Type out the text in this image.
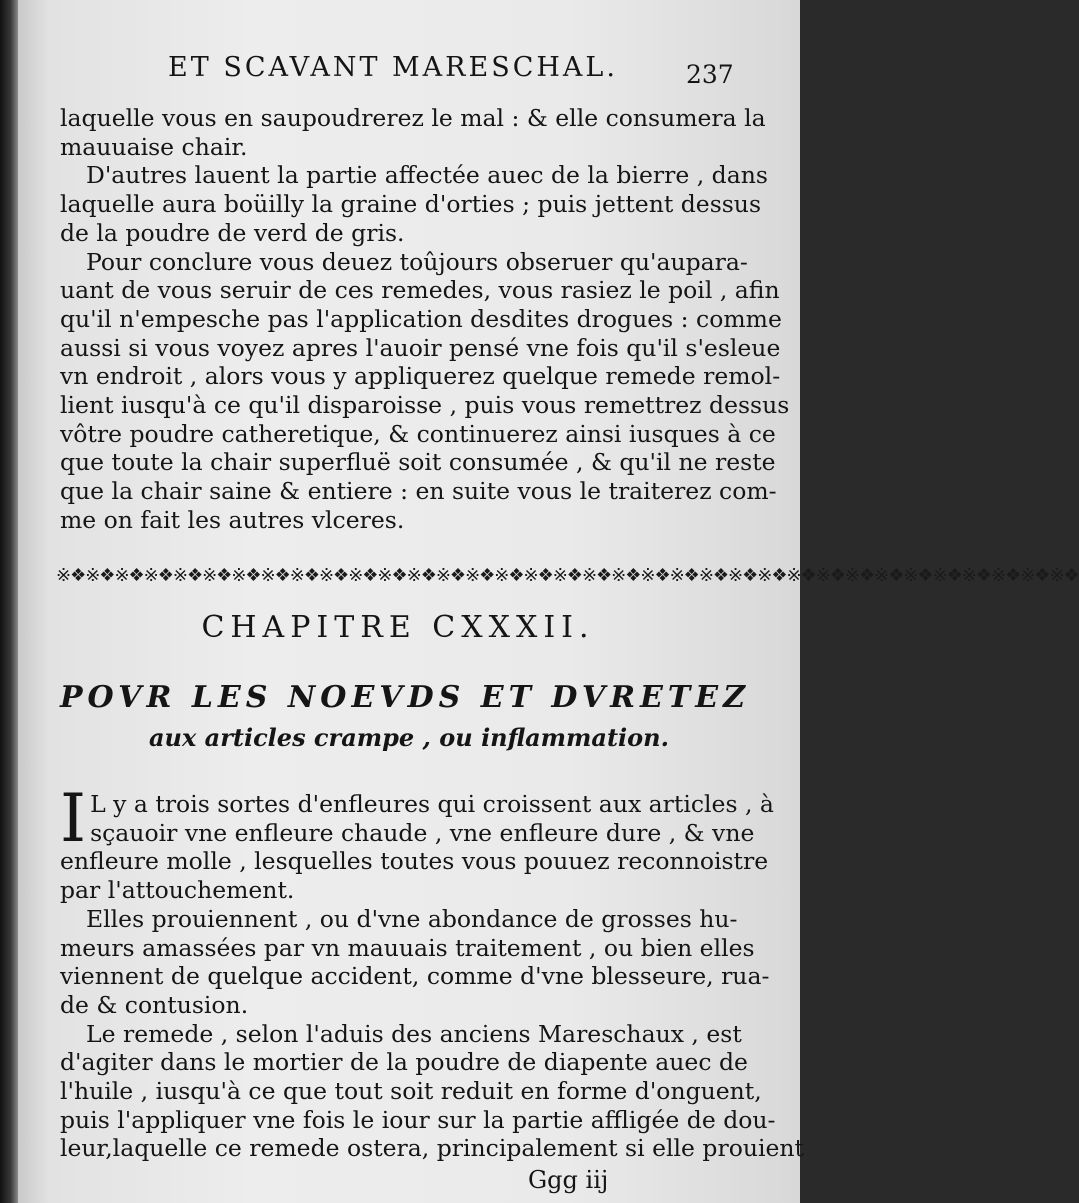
ET SCAVANT MARESCHAL.	237

laquelle vous en saupoudrerez le mal : & elle consumera la
mauuaise chair.

D'autres lauent la partie affectée auec de la bierre , dans
laquelle aura boüilly la graine d'orties ; puis jettent dessus
de la poudre de verd de gris.

Pour conclure vous deuez toûjours obseruer qu'aupara-
uant de vous seruir de ces remedes, vous rasiez le poil , afin
qu'il n'empesche pas l'application desdites drogues : comme
aussi si vous voyez apres l'auoir pensé vne fois qu'il s'esleue
vn endroit , alors vous y appliquerez quelque remede remol-
lient iusqu'à ce qu'il disparoisse , puis vous remettrez dessus
vôtre poudre catheretique, & continuerez ainsi iusques à ce
que toute la chair superfluë soit consumée , & qu'il ne reste
que la chair saine & entiere : en suite vous le traiterez com-
me on fait les autres vlceres.

※❖※❖※❖※❖※❖※❖※❖※❖※❖※❖※❖※❖※❖※❖※❖※❖※❖※❖※❖※❖※❖※❖※❖※❖※❖※❖※❖※❖※❖※❖※❖※❖※❖※❖※❖
CHAPITRE CXXXII.
POVR LES NOEVDS ET DVRETEZ
aux articles crampe , ou inflammation.

I L y a trois sortes d'enfleures qui croissent aux articles , à
sçauoir vne enfleure chaude , vne enfleure dure , & vne
enfleure molle , lesquelles toutes vous pouuez reconnoistre
par l'attouchement.

Elles prouiennent , ou d'vne abondance de grosses hu-
meurs amassées par vn mauuais traitement , ou bien elles
viennent de quelque accident, comme d'vne blesseure, rua-
de & contusion.

Le remede , selon l'aduis des anciens Mareschaux , est
d'agiter dans le mortier de la poudre de diapente auec de
l'huile , iusqu'à ce que tout soit reduit en forme d'onguent,
puis l'appliquer vne fois le iour sur la partie affligée de dou-
leur,laquelle ce remede ostera, principalement si elle prouient

Ggg iij
